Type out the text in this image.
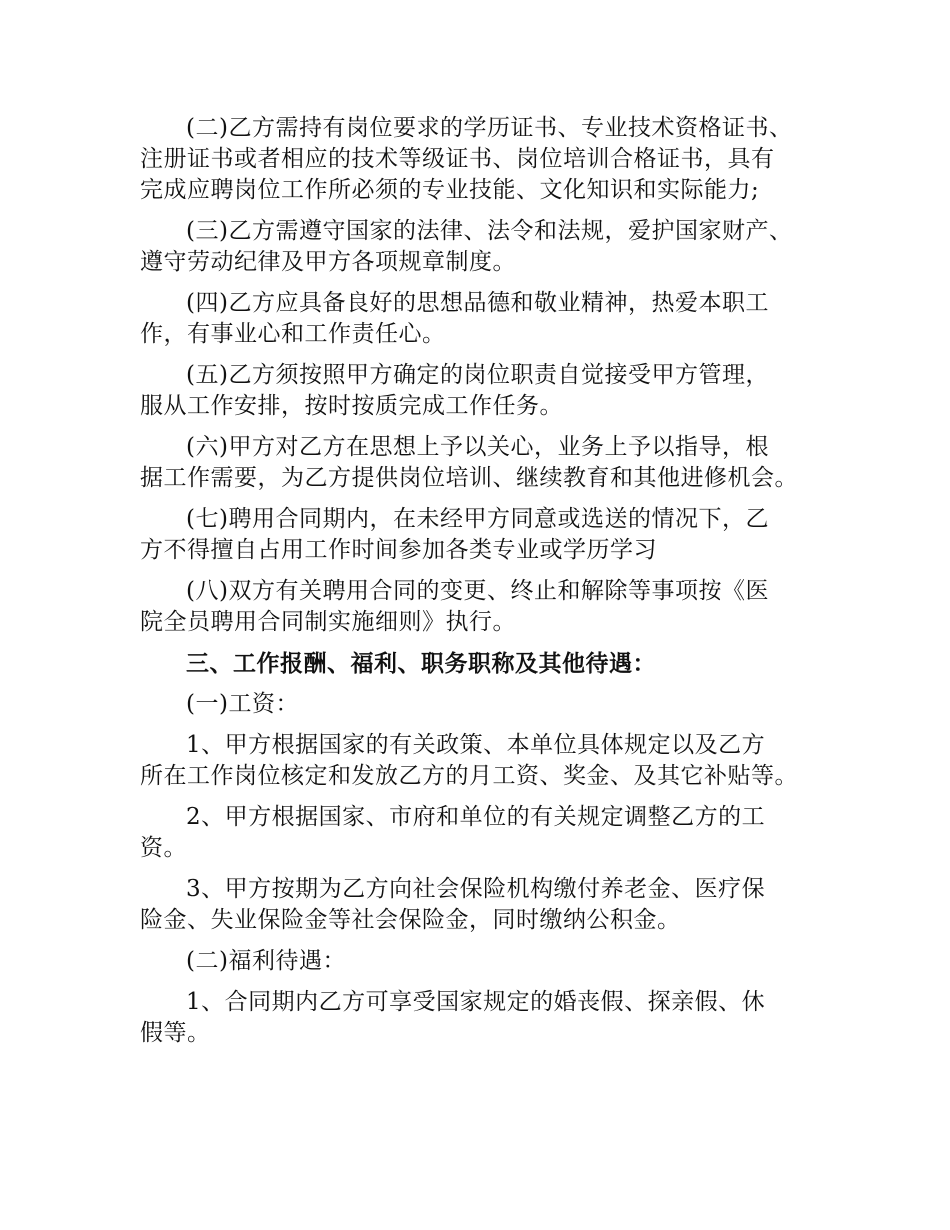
(二)乙方需持有岗位要求的学历证书、专业技术资格证书、
注册证书或者相应的技术等级证书、岗位培训合格证书，具有
完成应聘岗位工作所必须的专业技能、文化知识和实际能力;
(三)乙方需遵守国家的法律、法令和法规，爱护国家财产、
遵守劳动纪律及甲方各项规章制度。
(四)乙方应具备良好的思想品德和敬业精神，热爱本职工
作，有事业心和工作责任心。
(五)乙方须按照甲方确定的岗位职责自觉接受甲方管理，
服从工作安排，按时按质完成工作任务。
(六)甲方对乙方在思想上予以关心，业务上予以指导，根
据工作需要，为乙方提供岗位培训、继续教育和其他进修机会。
(七)聘用合同期内，在未经甲方同意或选送的情况下，乙
方不得擅自占用工作时间参加各类专业或学历学习
(八)双方有关聘用合同的变更、终止和解除等事项按《医
院全员聘用合同制实施细则》执行。
三、工作报酬、福利、职务职称及其他待遇：
(一)工资：
1、甲方根据国家的有关政策、本单位具体规定以及乙方
所在工作岗位核定和发放乙方的月工资、奖金、及其它补贴等。
2、甲方根据国家、市府和单位的有关规定调整乙方的工
资。
3、甲方按期为乙方向社会保险机构缴付养老金、医疗保
险金、失业保险金等社会保险金，同时缴纳公积金。
(二)福利待遇：
1、合同期内乙方可享受国家规定的婚丧假、探亲假、休
假等。
